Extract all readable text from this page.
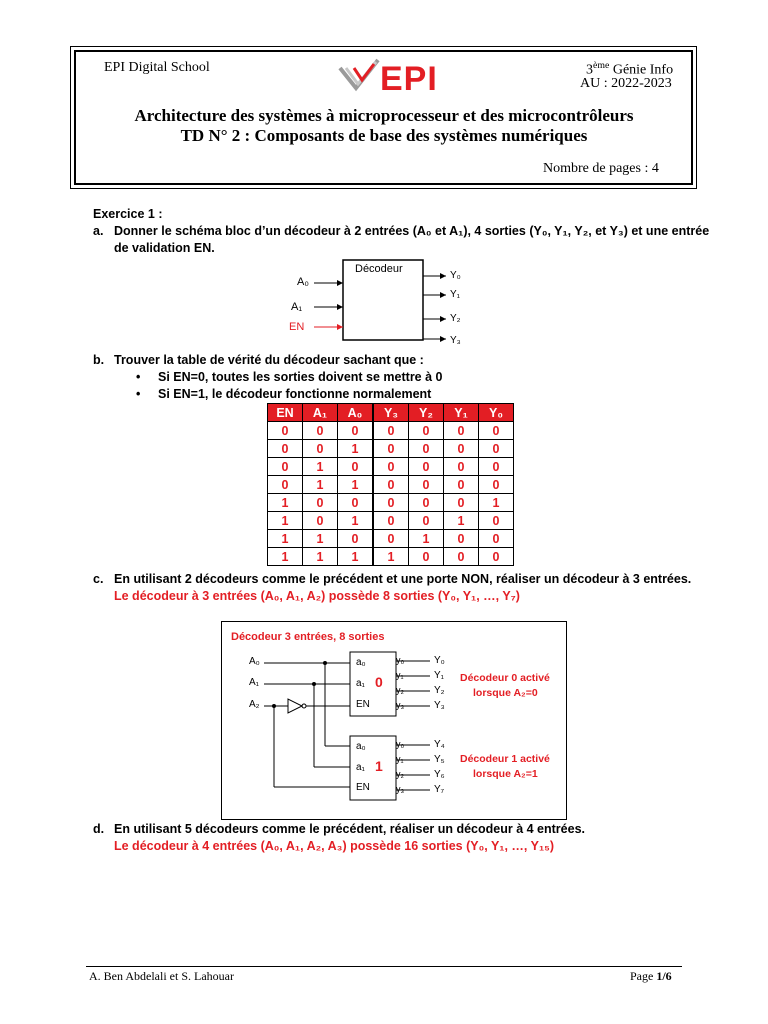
EPI Digital School	EPI	3ème Génie Info
AU : 2022-2023
Architecture des systèmes à microprocesseur et des microcontrôleurs
TD N° 2 : Composants de base des systèmes numériques
Nombre de pages : 4
Exercice 1 :
a. Donner le schéma bloc d’un décodeur à 2 entrées (A₀ et A₁), 4 sorties (Y₀, Y₁, Y₂, et Y₃) et une entrée
de validation EN.
Décodeur
A₀
A₁
EN
Y₀
Y₁
Y₂
Y₃
b. Trouver la table de vérité du décodeur sachant que :
• Si EN=0, toutes les sorties doivent se mettre à 0
• Si EN=1, le décodeur fonctionne normalement
EN	A₁	A₀	Y₃	Y₂	Y₁	Y₀
0	0	0	0	0	0	0
0	0	1	0	0	0	0
0	1	0	0	0	0	0
0	1	1	0	0	0	0
1	0	0	0	0	0	1
1	0	1	0	0	1	0
1	1	0	0	1	0	0
1	1	1	1	0	0	0
c. En utilisant 2 décodeurs comme le précédent et une porte NON, réaliser un décodeur à 3 entrées.
Le décodeur à 3 entrées (A₀, A₁, A₂) possède 8 sorties (Y₀, Y₁, …, Y₇)
Décodeur 3 entrées, 8 sorties
A₀
A₁
A₂
a₀
a₁
EN
0
y₀
y₁
y₂
y₃
a₀
a₁
EN
1
y₀
y₁
y₂
y₃
Y₀
Y₁
Y₂
Y₃
Y₄
Y₅
Y₆
Y₇
Décodeur 0 activé
lorsque A₂=0
Décodeur 1 activé
lorsque A₂=1
d. En utilisant 5 décodeurs comme le précédent, réaliser un décodeur à 4 entrées.
Le décodeur à 4 entrées (A₀, A₁, A₂, A₃) possède 16 sorties (Y₀, Y₁, …, Y₁₅)
A. Ben Abdelali et S. Lahouar	Page 1/6
